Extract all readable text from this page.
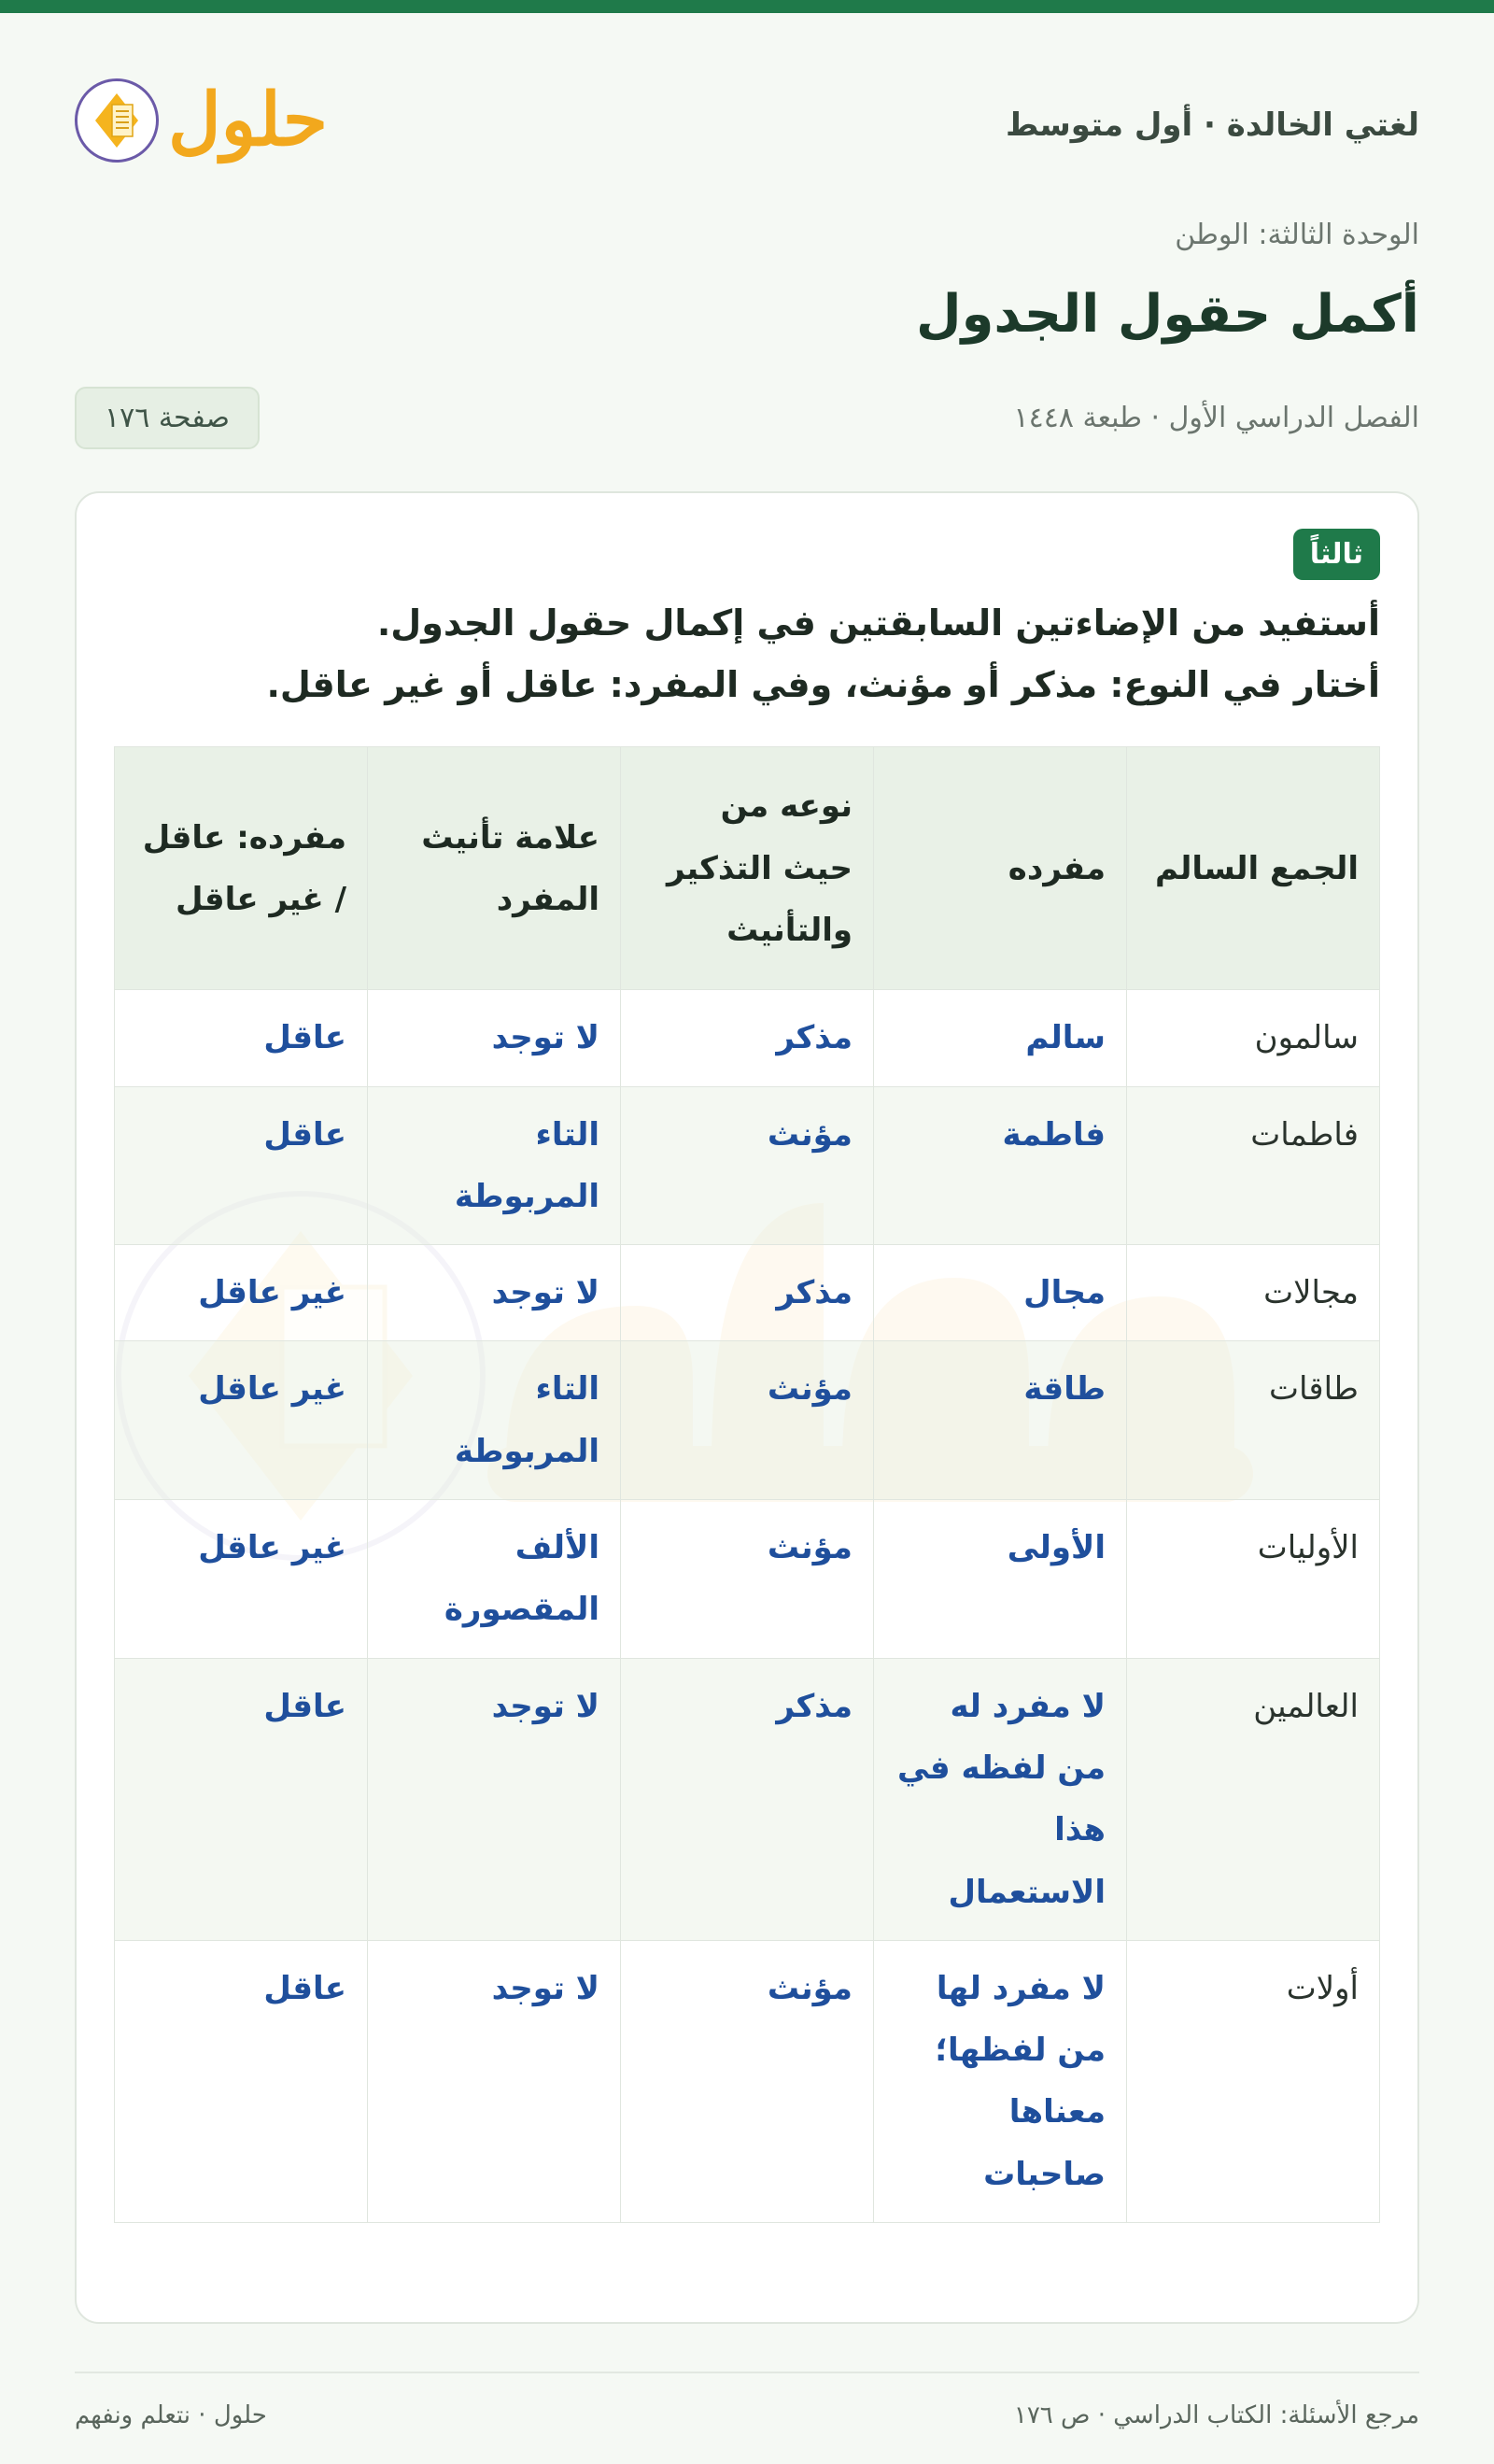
لغتي الخالدة · أول متوسط
حلول
الوحدة الثالثة: الوطن
أكمل حقول الجدول
الفصل الدراسي الأول · طبعة ١٤٤٨
صفحة ١٧٦
ثالثاً

أستفيد من الإضاءتين السابقتين في إكمال حقول الجدول.

أختار في النوع: مذكر أو مؤنث، وفي المفرد: عاقل أو غير عاقل.

الجمع السالم	مفرده	نوعه من حيث التذكير والتأنيث	علامة تأنيث المفرد	مفرده: عاقل / غير عاقل
سالمون	سالم	مذكر	لا توجد	عاقل
فاطمات	فاطمة	مؤنث	التاء المربوطة	عاقل
مجالات	مجال	مذكر	لا توجد	غير عاقل
طاقات	طاقة	مؤنث	التاء المربوطة	غير عاقل
الأوليات	الأولى	مؤنث	الألف المقصورة	غير عاقل
العالمين	لا مفرد له من لفظه في هذا الاستعمال	مذكر	لا توجد	عاقل
أولات	لا مفرد لها من لفظها؛ معناها صاحبات	مؤنث	لا توجد	عاقل
مرجع الأسئلة: الكتاب الدراسي · ص ١٧٦
حلول · نتعلم ونفهم
